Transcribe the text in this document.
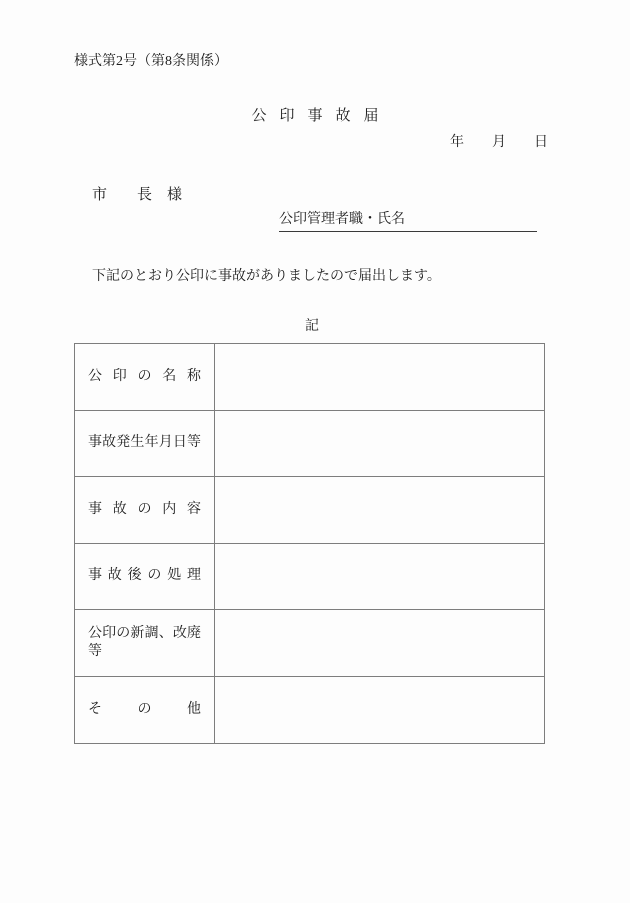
様式第2号（第8条関係）
公印事故届
年　　月　　日
市　　長　様
公印管理者職・氏名
下記のとおり公印に事故がありましたので届出します。
記
公印の名称
事故発生年月日等
事故の内容
事故後の処理
公印の新調、改廃等
その他
